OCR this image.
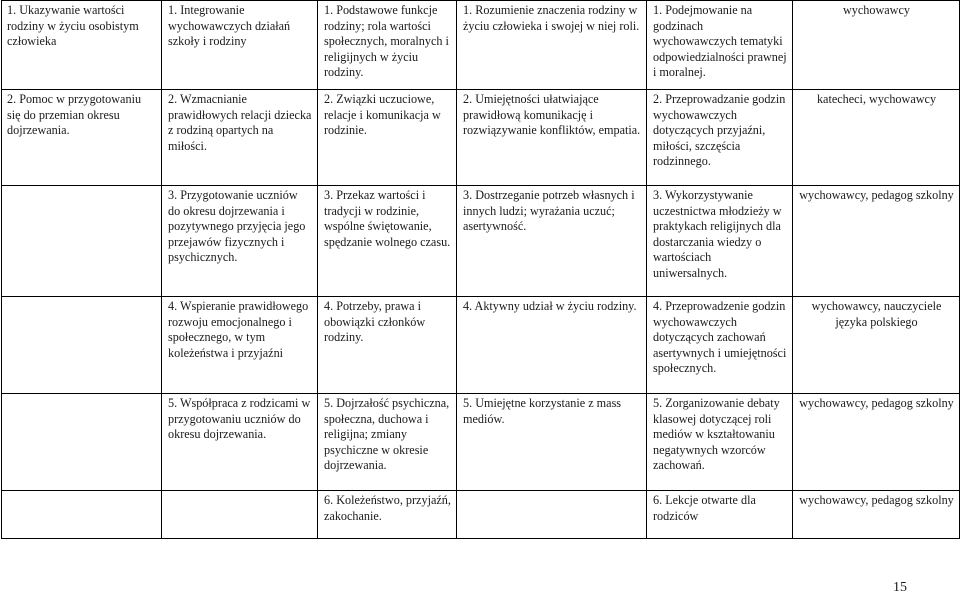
1. Ukazywanie wartości rodziny w życiu osobistym człowieka	1. Integrowanie wychowawczych działań szkoły i rodziny	1. Podstawowe funkcje rodziny; rola wartości społecznych, moralnych i religijnych w życiu rodziny.	1. Rozumienie znaczenia rodziny w życiu człowieka i swojej w niej roli.	1. Podejmowanie na godzinach wychowawczych tematyki odpowiedzialności prawnej i moralnej.	wychowawcy
2. Pomoc w przygotowaniu się do przemian okresu dojrzewania.	2. Wzmacnianie prawidłowych relacji dziecka z rodziną opartych na miłości.	2. Związki uczuciowe, relacje i komunikacja w rodzinie.	2. Umiejętności ułatwiające prawidłową komunikację i rozwiązywanie konfliktów, empatia.	2. Przeprowadzanie godzin wychowawczych dotyczących przyjaźni, miłości, szczęścia rodzinnego.	katecheci, wychowawcy
	3. Przygotowanie uczniów do okresu dojrzewania i pozytywnego przyjęcia jego przejawów fizycznych i psychicznych.	3. Przekaz wartości i tradycji w rodzinie, wspólne świętowanie, spędzanie wolnego czasu.	3. Dostrzeganie potrzeb własnych i innych ludzi; wyrażania uczuć; asertywność.	3. Wykorzystywanie uczestnictwa młodzieży w praktykach religijnych dla dostarczania wiedzy o wartościach uniwersalnych.	wychowawcy, pedagog szkolny
	4. Wspieranie prawidłowego rozwoju emocjonalnego i społecznego, w tym koleżeństwa i przyjaźni	4. Potrzeby, prawa i obowiązki członków rodziny.	4. Aktywny udział w życiu rodziny.	4. Przeprowadzenie godzin wychowawczych dotyczących zachowań asertywnych i umiejętności społecznych.	wychowawcy, nauczyciele języka polskiego
	5. Współpraca z rodzicami w przygotowaniu uczniów do okresu dojrzewania.	5. Dojrzałość psychiczna, społeczna, duchowa i religijna; zmiany psychiczne w okresie dojrzewania.	5. Umiejętne korzystanie z mass mediów.	5. Zorganizowanie debaty klasowej dotyczącej roli mediów w kształtowaniu negatywnych wzorców zachowań.	wychowawcy, pedagog szkolny
		6. Koleżeństwo, przyjaźń, zakochanie.		6. Lekcje otwarte dla rodziców	wychowawcy, pedagog szkolny
15
